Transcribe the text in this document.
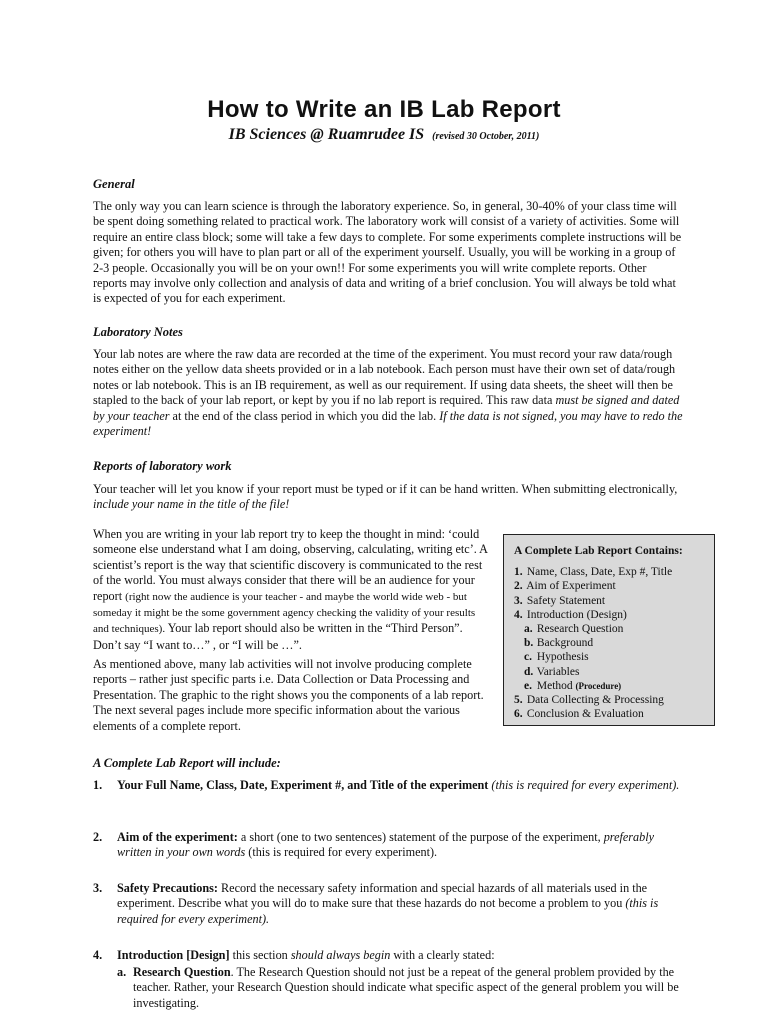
How to Write an IB Lab Report
IB Sciences @ Ruamrudee IS (revised 30 October, 2011)
General

The only way you can learn science is through the laboratory experience. So, in general, 30-40% of your class time will be spent doing something related to practical work. The laboratory work will consist of a variety of activities. Some will require an entire class block; some will take a few days to complete. For some experiments complete instructions will be given; for others you will have to plan part or all of the experiment yourself. Usually, you will be working in a group of 2-3 people. Occasionally you will be on your own!! For some experiments you will write complete reports. Other reports may involve only collection and analysis of data and writing of a brief conclusion. You will always be told what is expected of you for each experiment.

Laboratory Notes

Your lab notes are where the raw data are recorded at the time of the experiment. You must record your raw data/rough notes either on the yellow data sheets provided or in a lab notebook. Each person must have their own set of data/rough notes or lab notebook. This is an IB requirement, as well as our requirement. If using data sheets, the sheet will then be stapled to the back of your lab report, or kept by you if no lab report is required. This raw data must be signed and dated by your teacher at the end of the class period in which you did the lab. If the data is not signed, you may have to redo the experiment!

Reports of laboratory work

Your teacher will let you know if your report must be typed or if it can be hand written. When submitting electronically, include your name in the title of the file!

When you are writing in your lab report try to keep the thought in mind: ‘could someone else understand what I am doing, observing, calculating, writing etc’. A scientist’s report is the way that scientific discovery is communicated to the rest of the world. You must always consider that there will be an audience for your report (right now the audience is your teacher - and maybe the world wide web - but someday it might be the some government agency checking the validity of your results and techniques). Your lab report should also be written in the “Third Person”. Don’t say “I want to…” , or “I will be …”.

As mentioned above, many lab activities will not involve producing complete reports – rather just specific parts i.e. Data Collection or Data Processing and Presentation. The graphic to the right shows you the components of a lab report. The next several pages include more specific information about the various elements of a complete report.

A Complete Lab Report Contains:
1. Name, Class, Date, Exp #, Title
2. Aim of Experiment
3. Safety Statement
4. Introduction (Design)
a. Research Question
b. Background
c. Hypothesis
d. Variables
e. Method (Procedure)
5. Data Collecting & Processing
6. Conclusion & Evaluation
A Complete Lab Report will include:
1. Your Full Name, Class, Date, Experiment #, and Title of the experiment (this is required for every experiment).
2. Aim of the experiment: a short (one to two sentences) statement of the purpose of the experiment, preferably written in your own words (this is required for every experiment).
3. Safety Precautions: Record the necessary safety information and special hazards of all materials used in the experiment. Describe what you will do to make sure that these hazards do not become a problem to you (this is required for every experiment).
4. Introduction [Design] this section should always begin with a clearly stated:
a. Research Question. The Research Question should not just be a repeat of the general problem provided by the teacher. Rather, your Research Question should indicate what specific aspect of the general problem you will be investigating.
